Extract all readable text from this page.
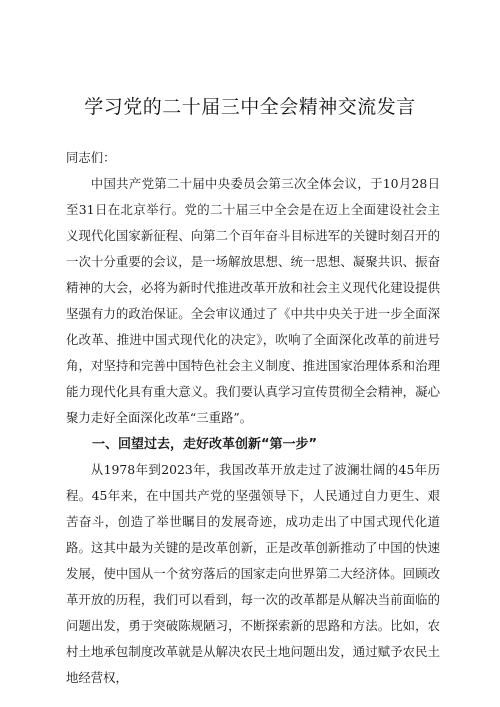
学习党的二十届三中全会精神交流发言
同志们：
中国共产党第二十届中央委员会第三次全体会议，于10月28日至31日在北京举行。党的二十届三中全会是在迈上全面建设社会主义现代化国家新征程、向第二个百年奋斗目标进军的关键时刻召开的一次十分重要的会议，是一场解放思想、统一思想、凝聚共识、振奋精神的大会，必将为新时代推进改革开放和社会主义现代化建设提供坚强有力的政治保证。全会审议通过了《中共中央关于进一步全面深化改革、推进中国式现代化的决定》，吹响了全面深化改革的前进号角，对坚持和完善中国特色社会主义制度、推进国家治理体系和治理能力现代化具有重大意义。我们要认真学习宣传贯彻全会精神，凝心聚力走好全面深化改革“三重路”。
一、回望过去，走好改革创新“第一步”
从1978年到2023年，我国改革开放走过了波澜壮阔的45年历程。45年来，在中国共产党的坚强领导下，人民通过自力更生、艰苦奋斗，创造了举世瞩目的发展奇迹，成功走出了中国式现代化道路。这其中最为关键的是改革创新，正是改革创新推动了中国的快速发展，使中国从一个贫穷落后的国家走向世界第二大经济体。回顾改革开放的历程，我们可以看到，每一次的改革都是从解决当前面临的问题出发，勇于突破陈规陋习，不断探索新的思路和方法。比如，农村土地承包制度改革就是从解决农民土地问题出发，通过赋予农民土地经营权，
